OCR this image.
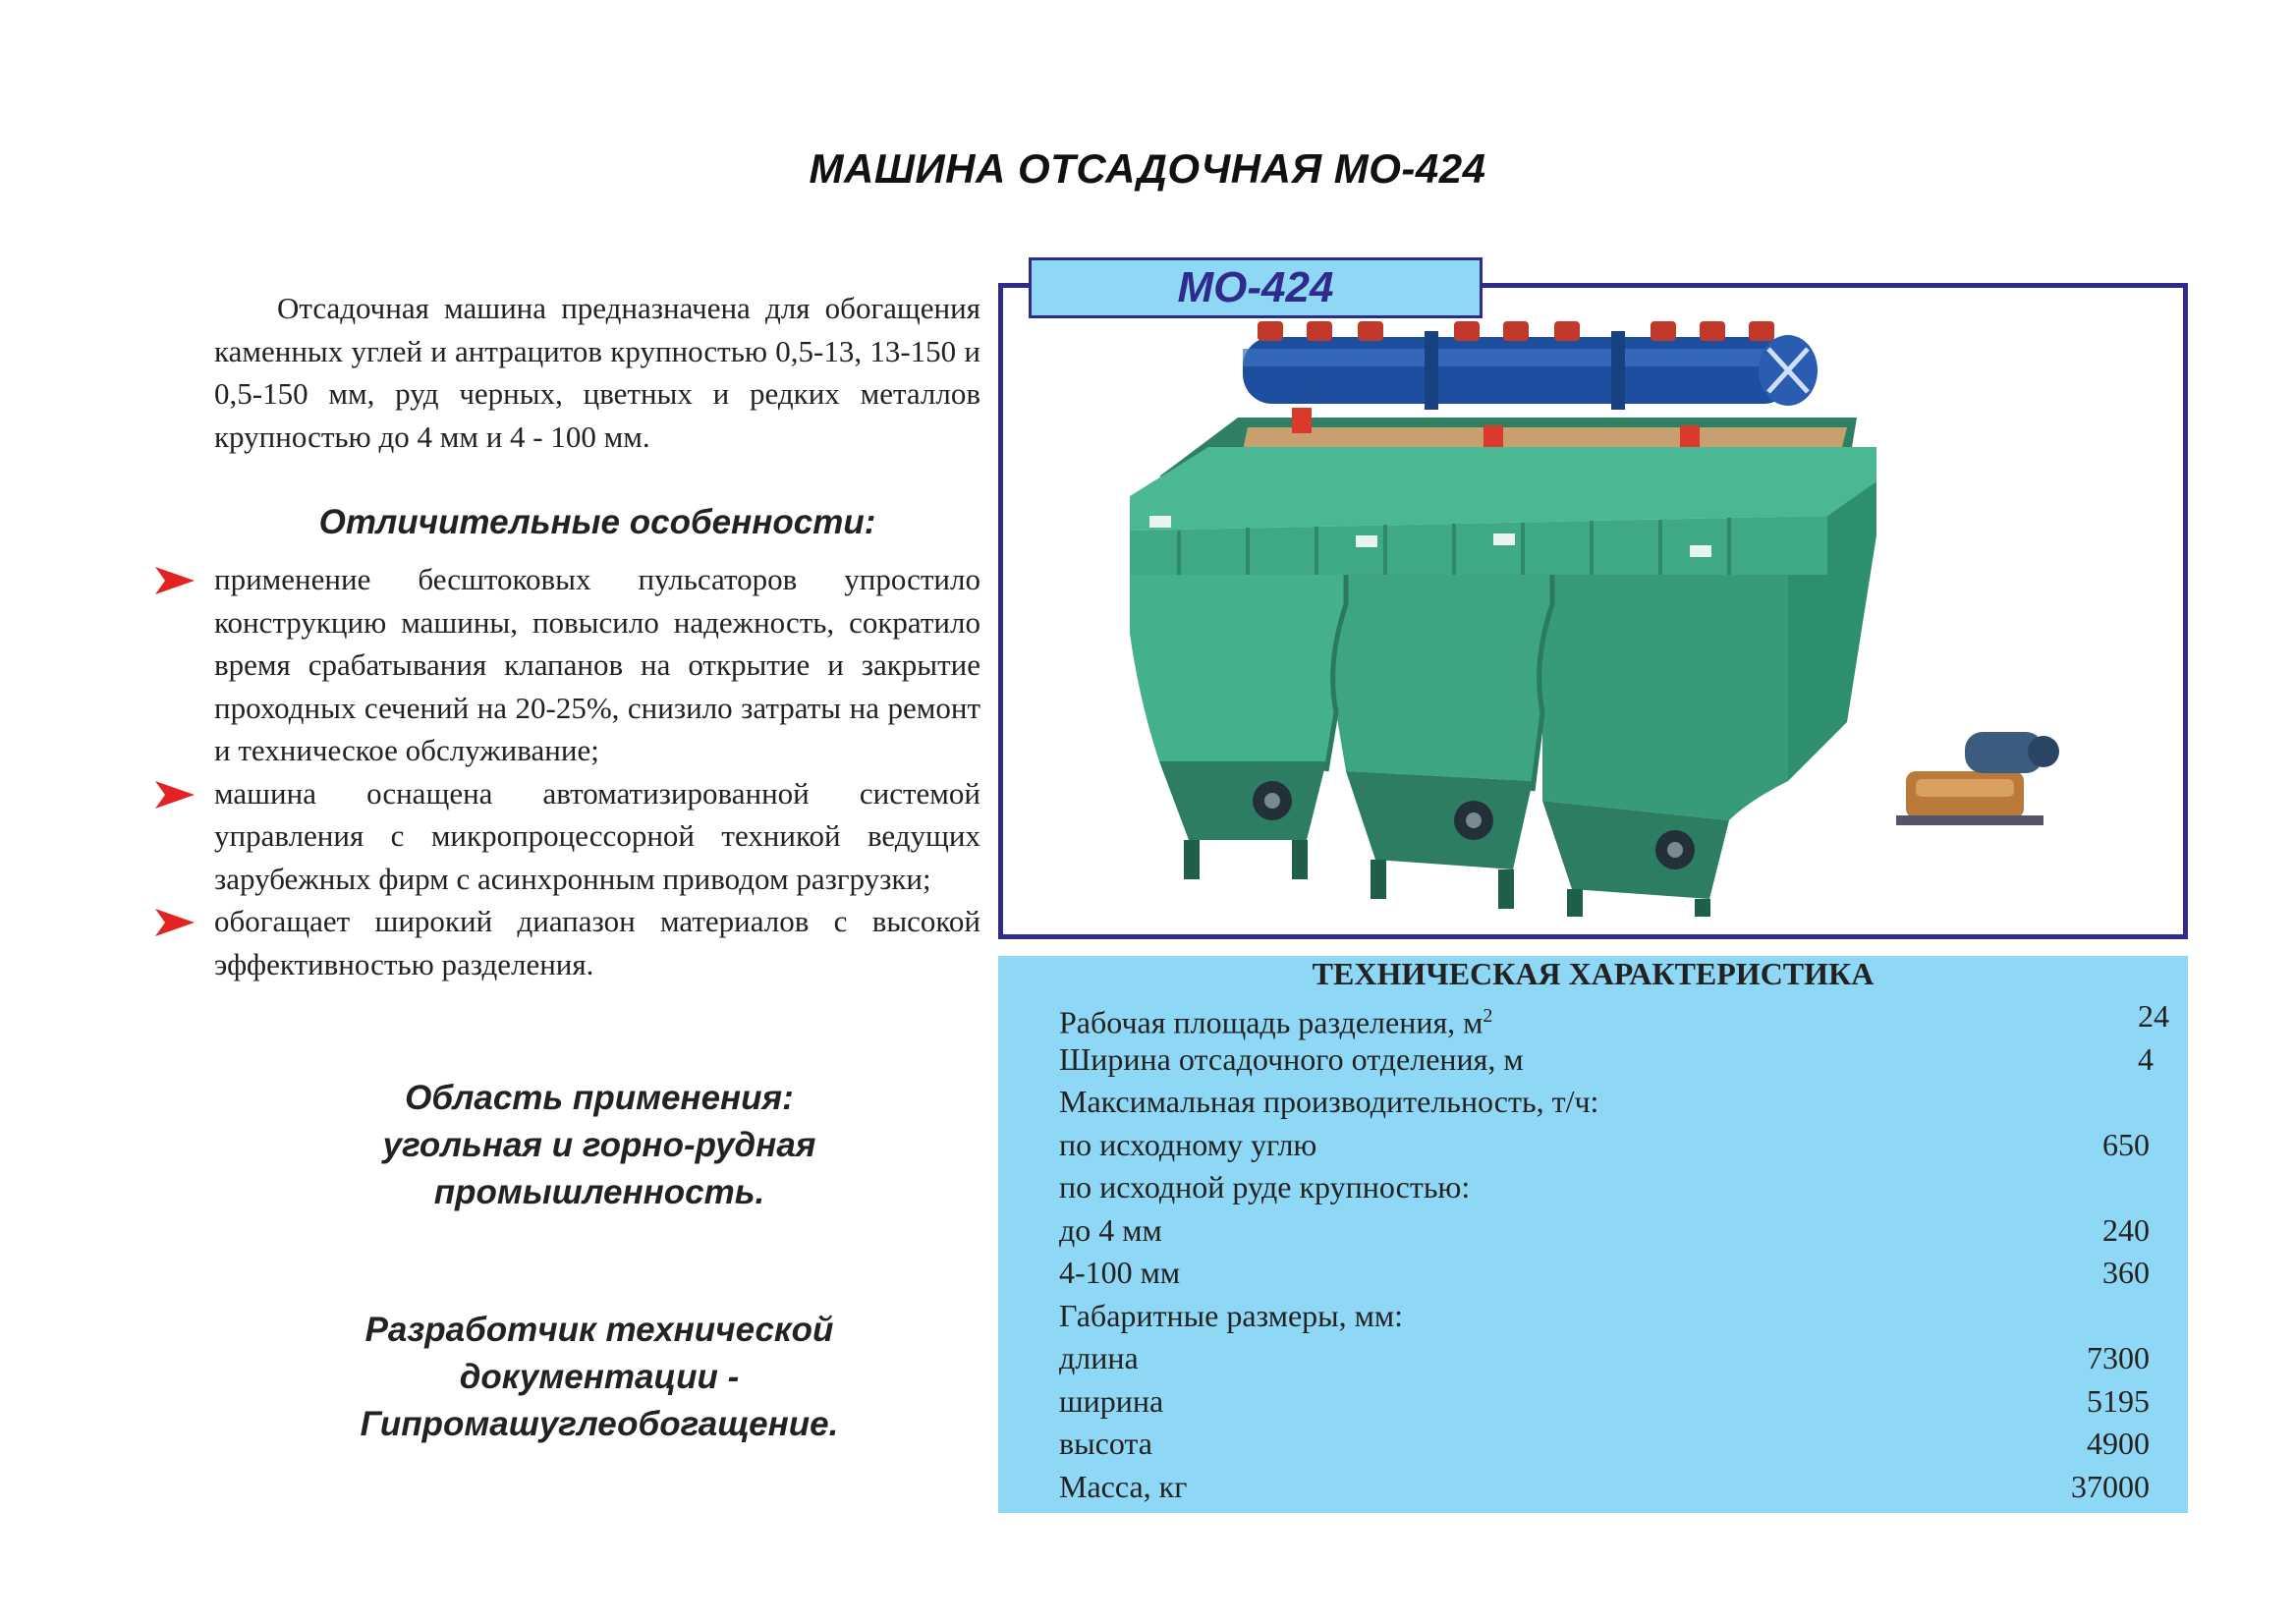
МАШИНА ОТСАДОЧНАЯ МО-424

Отсадочная машина предназначена для обогащения каменных углей и антрацитов крупностью 0,5-13, 13-150 и 0,5-150 мм, руд черных, цветных и редких металлов крупностью до 4 мм и 4 - 100 мм.

Отличительные особенности:
применение бесштоковых пульсаторов упростило конструкцию машины, повысило надежность, сократило время срабатывания клапанов на открытие и закрытие проходных сечений на 20-25%, снизило затраты на ремонт и техническое обслуживание;
машина оснащена автоматизированной системой управления с микропроцессорной техникой ведущих зарубежных фирм с асинхронным приводом разгрузки;
обогащает широкий диапазон материалов с высокой эффективностью разделения.
Область применения:
угольная и горно-рудная
промышленность.
Разработчик технической
документации -
Гипромашуглеобогащение.
МО-424
ТЕХНИЧЕСКАЯ ХАРАКТЕРИСТИКА
Рабочая площадь разделения, $м^2$	24
Ширина отсадочного отделения, м	4
Максимальная производительность, т/ч:
по исходному углю	650
по исходной руде крупностью:
до 4 мм	240
4-100 мм	360
Габаритные размеры, мм:
длина	7300
ширина	5195
высота	4900
Масса, кг	37000
